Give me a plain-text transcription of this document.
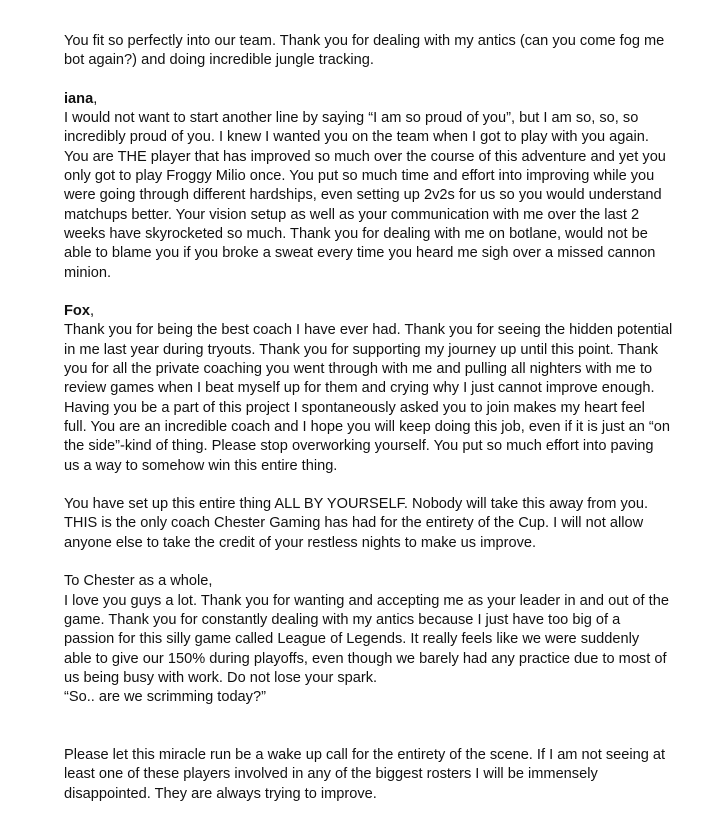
You fit so perfectly into our team. Thank you for dealing with my antics (can you come fog me
bot again?) and doing incredible jungle tracking.
iana,
I would not want to start another line by saying “I am so proud of you”, but I am so, so, so
incredibly proud of you. I knew I wanted you on the team when I got to play with you again.
You are THE player that has improved so much over the course of this adventure and yet you
only got to play Froggy Milio once. You put so much time and effort into improving while you
were going through different hardships, even setting up 2v2s for us so you would understand
matchups better. Your vision setup as well as your communication with me over the last 2
weeks have skyrocketed so much. Thank you for dealing with me on botlane, would not be
able to blame you if you broke a sweat every time you heard me sigh over a missed cannon
minion.
Fox,
Thank you for being the best coach I have ever had. Thank you for seeing the hidden potential
in me last year during tryouts. Thank you for supporting my journey up until this point. Thank
you for all the private coaching you went through with me and pulling all nighters with me to
review games when I beat myself up for them and crying why I just cannot improve enough.
Having you be a part of this project I spontaneously asked you to join makes my heart feel
full. You are an incredible coach and I hope you will keep doing this job, even if it is just an “on
the side”-kind of thing. Please stop overworking yourself. You put so much effort into paving
us a way to somehow win this entire thing.
You have set up this entire thing ALL BY YOURSELF. Nobody will take this away from you.
THIS is the only coach Chester Gaming has had for the entirety of the Cup. I will not allow
anyone else to take the credit of your restless nights to make us improve.
To Chester as a whole,
I love you guys a lot. Thank you for wanting and accepting me as your leader in and out of the
game. Thank you for constantly dealing with my antics because I just have too big of a
passion for this silly game called League of Legends. It really feels like we were suddenly
able to give our 150% during playoffs, even though we barely had any practice due to most of
us being busy with work. Do not lose your spark.
“So.. are we scrimming today?”
Please let this miracle run be a wake up call for the entirety of the scene. If I am not seeing at
least one of these players involved in any of the biggest rosters I will be immensely
disappointed. They are always trying to improve.
